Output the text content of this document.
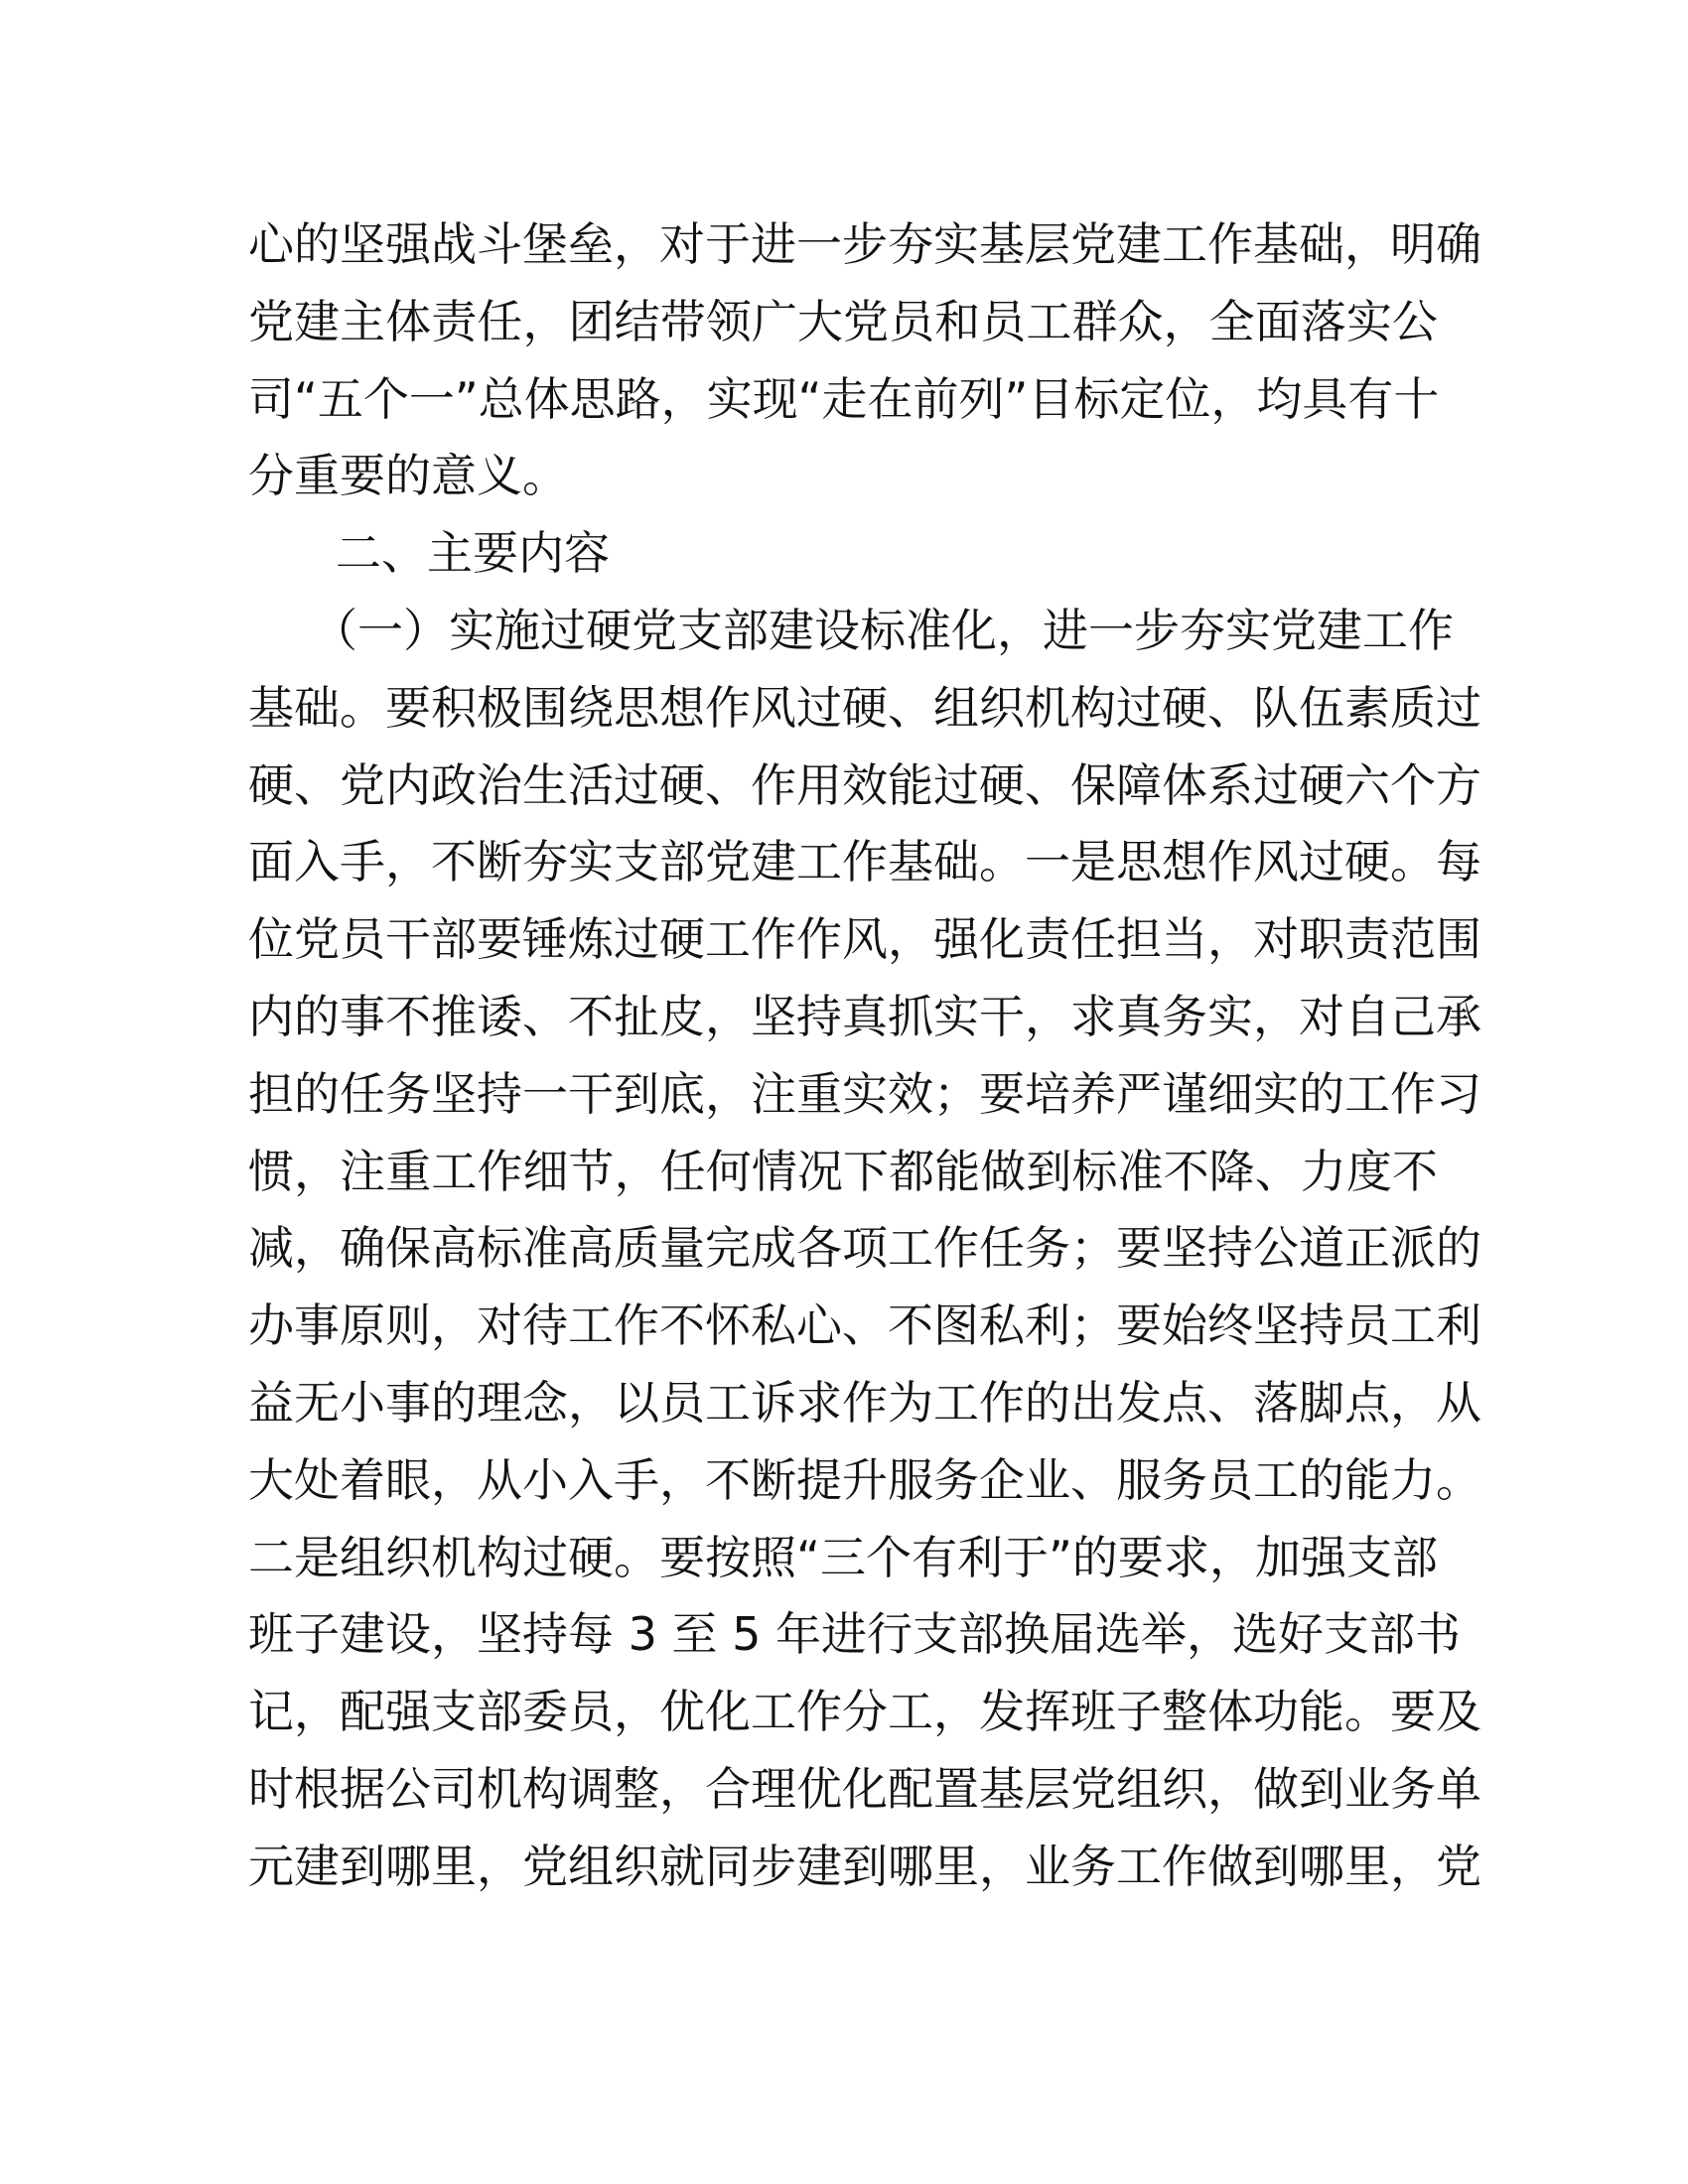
心的坚强战斗堡垒，对于进一步夯实基层党建工作基础，明确
党建主体责任，团结带领广大党员和员工群众，全面落实公
司“五个一”总体思路，实现“走在前列”目标定位，均具有十
分重要的意义。
二、主要内容
（一）实施过硬党支部建设标准化，进一步夯实党建工作
基础。要积极围绕思想作风过硬、组织机构过硬、队伍素质过
硬、党内政治生活过硬、作用效能过硬、保障体系过硬六个方
面入手，不断夯实支部党建工作基础。一是思想作风过硬。每
位党员干部要锤炼过硬工作作风，强化责任担当，对职责范围
内的事不推诿、不扯皮，坚持真抓实干，求真务实，对自己承
担的任务坚持一干到底，注重实效；要培养严谨细实的工作习
惯，注重工作细节，任何情况下都能做到标准不降、力度不
减，确保高标准高质量完成各项工作任务；要坚持公道正派的
办事原则，对待工作不怀私心、不图私利；要始终坚持员工利
益无小事的理念，以员工诉求作为工作的出发点、落脚点，从
大处着眼，从小入手，不断提升服务企业、服务员工的能力。
二是组织机构过硬。要按照“三个有利于”的要求，加强支部
班子建设，坚持每 3 至 5 年进行支部换届选举，选好支部书
记，配强支部委员，优化工作分工，发挥班子整体功能。要及
时根据公司机构调整，合理优化配置基层党组织，做到业务单
元建到哪里，党组织就同步建到哪里，业务工作做到哪里，党
